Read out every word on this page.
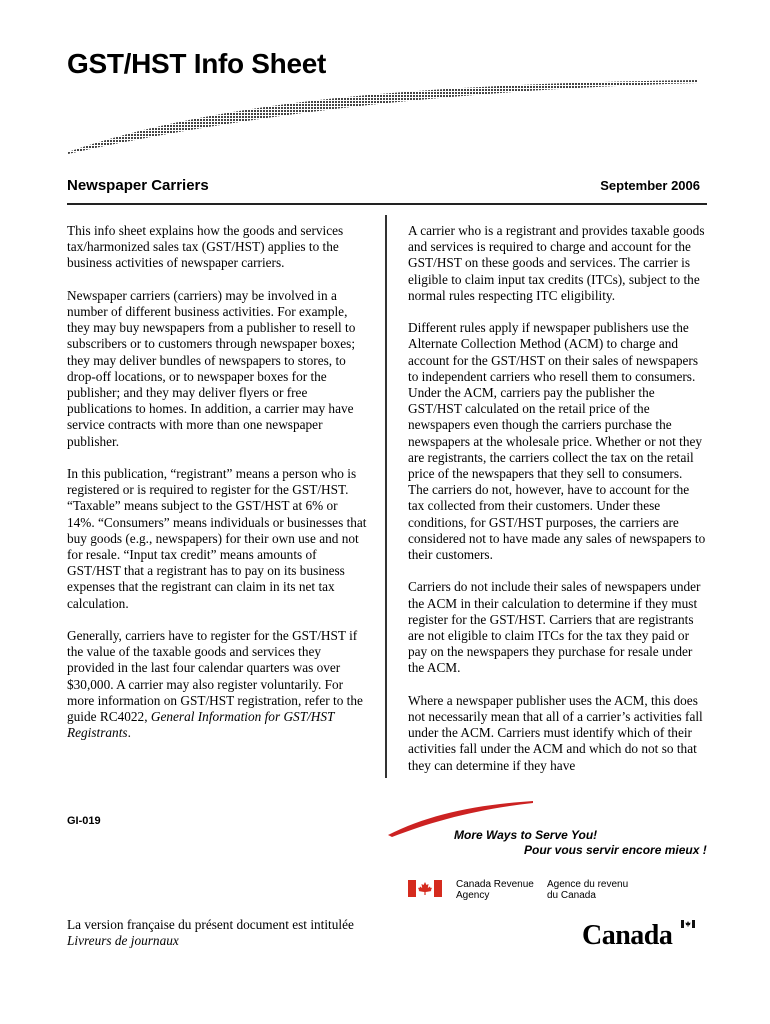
GST/HST Info Sheet
Newspaper Carriers	September 2006

This info sheet explains how the goods and services tax/harmonized sales tax (GST/HST) applies to the business activities of newspaper carriers.

Newspaper carriers (carriers) may be involved in a number of different business activities. For example, they may buy newspapers from a publisher to resell to subscribers or to customers through newspaper boxes; they may deliver bundles of newspapers to stores, to drop-off locations, or to newspaper boxes for the publisher; and they may deliver flyers or free publications to homes. In addition, a carrier may have service contracts with more than one newspaper publisher.

In this publication, “registrant” means a person who is registered or is required to register for the GST/HST. “Taxable” means subject to the GST/HST at 6% or 14%. “Consumers” means individuals or businesses that buy goods (e.g., newspapers) for their own use and not for resale. “Input tax credit” means amounts of GST/HST that a registrant has to pay on its business expenses that the registrant can claim in its net tax calculation.

Generally, carriers have to register for the GST/HST if the value of the taxable goods and services they provided in the last four calendar quarters was over $30,000. A carrier may also register voluntarily. For more information on GST/HST registration, refer to the guide RC4022, General Information for GST/HST Registrants.

A carrier who is a registrant and provides taxable goods and services is required to charge and account for the GST/HST on these goods and services. The carrier is eligible to claim input tax credits (ITCs), subject to the normal rules respecting ITC eligibility.

Different rules apply if newspaper publishers use the Alternate Collection Method (ACM) to charge and account for the GST/HST on their sales of newspapers to independent carriers who resell them to consumers. Under the ACM, carriers pay the publisher the GST/HST calculated on the retail price of the newspapers even though the carriers purchase the newspapers at the wholesale price. Whether or not they are registrants, the carriers collect the tax on the retail price of the newspapers that they sell to consumers. The carriers do not, however, have to account for the tax collected from their customers. Under these conditions, for GST/HST purposes, the carriers are considered not to have made any sales of newspapers to their customers.

Carriers do not include their sales of newspapers under the ACM in their calculation to determine if they must register for the GST/HST. Carriers that are registrants are not eligible to claim ITCs for the tax they paid or pay on the newspapers they purchase for resale under the ACM.

Where a newspaper publisher uses the ACM, this does not necessarily mean that all of a carrier’s activities fall under the ACM. Carriers must identify which of their activities fall under the ACM and which do not so that they can determine if they have

GI-019
More Ways to Serve You!
Pour vous servir encore mieux !
Canada Revenue
Agency
Agence du revenu
du Canada
La version française du présent document est intitulée
Livreurs de journaux	Canada
